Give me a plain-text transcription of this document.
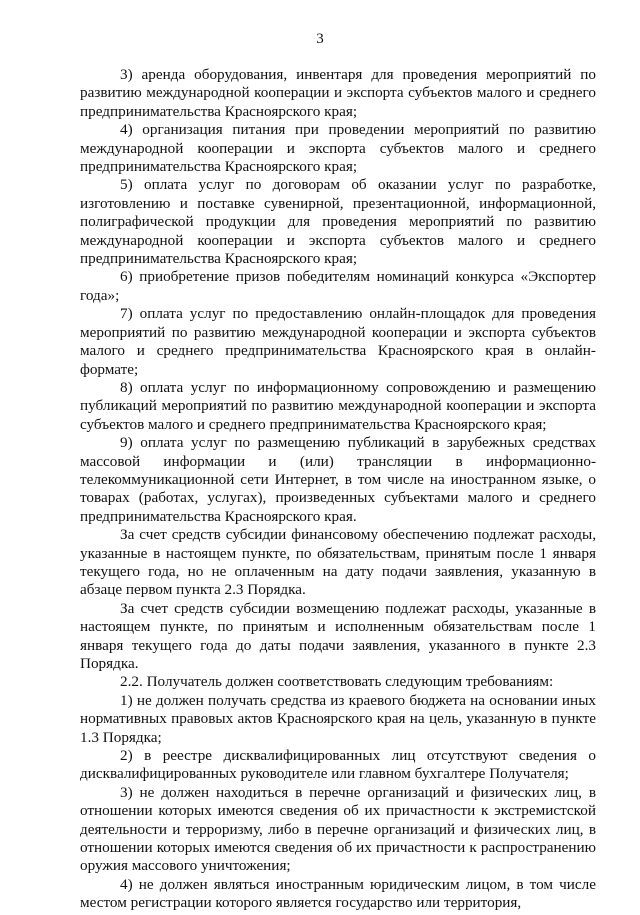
3

3) аренда оборудования, инвентаря для проведения мероприятий по развитию международной кооперации и экспорта субъектов малого и среднего предпринимательства Красноярского края;

4) организация питания при проведении мероприятий по развитию международной кооперации и экспорта субъектов малого и среднего предпринимательства Красноярского края;

5) оплата услуг по договорам об оказании услуг по разработке, изготовлению и поставке сувенирной, презентационной, информационной, полиграфической продукции для проведения мероприятий по развитию международной кооперации и экспорта субъектов малого и среднего предпринимательства Красноярского края;

6) приобретение призов победителям номинаций конкурса «Экспортер года»;

7) оплата услуг по предоставлению онлайн-площадок для проведения мероприятий по развитию международной кооперации и экспорта субъектов малого и среднего предпринимательства Красноярского края в онлайн-формате;

8) оплата услуг по информационному сопровождению и размещению публикаций мероприятий по развитию международной кооперации и экспорта субъектов малого и среднего предпринимательства Красноярского края;

9) оплата услуг по размещению публикаций в зарубежных средствах массовой информации и (или) трансляции в информационно-телекоммуникационной сети Интернет, в том числе на иностранном языке, о товарах (работах, услугах), произведенных субъектами малого и среднего предпринимательства Красноярского края.

За счет средств субсидии финансовому обеспечению подлежат расходы, указанные в настоящем пункте, по обязательствам, принятым после 1 января текущего года, но не оплаченным на дату подачи заявления, указанную в абзаце первом пункта 2.3 Порядка.

За счет средств субсидии возмещению подлежат расходы, указанные в настоящем пункте, по принятым и исполненным обязательствам после 1 января текущего года до даты подачи заявления, указанного в пункте 2.3 Порядка.

2.2. Получатель должен соответствовать следующим требованиям:

1) не должен получать средства из краевого бюджета на основании иных нормативных правовых актов Красноярского края на цель, указанную в пункте 1.3 Порядка;

2) в реестре дисквалифицированных лиц отсутствуют сведения о дисквалифицированных руководителе или главном бухгалтере Получателя;

3) не должен находиться в перечне организаций и физических лиц, в отношении которых имеются сведения об их причастности к экстремистской деятельности и терроризму, либо в перечне организаций и физических лиц, в отношении которых имеются сведения об их причастности к распространению оружия массового уничтожения;

4) не должен являться иностранным юридическим лицом, в том числе местом регистрации которого является государство или территория,
